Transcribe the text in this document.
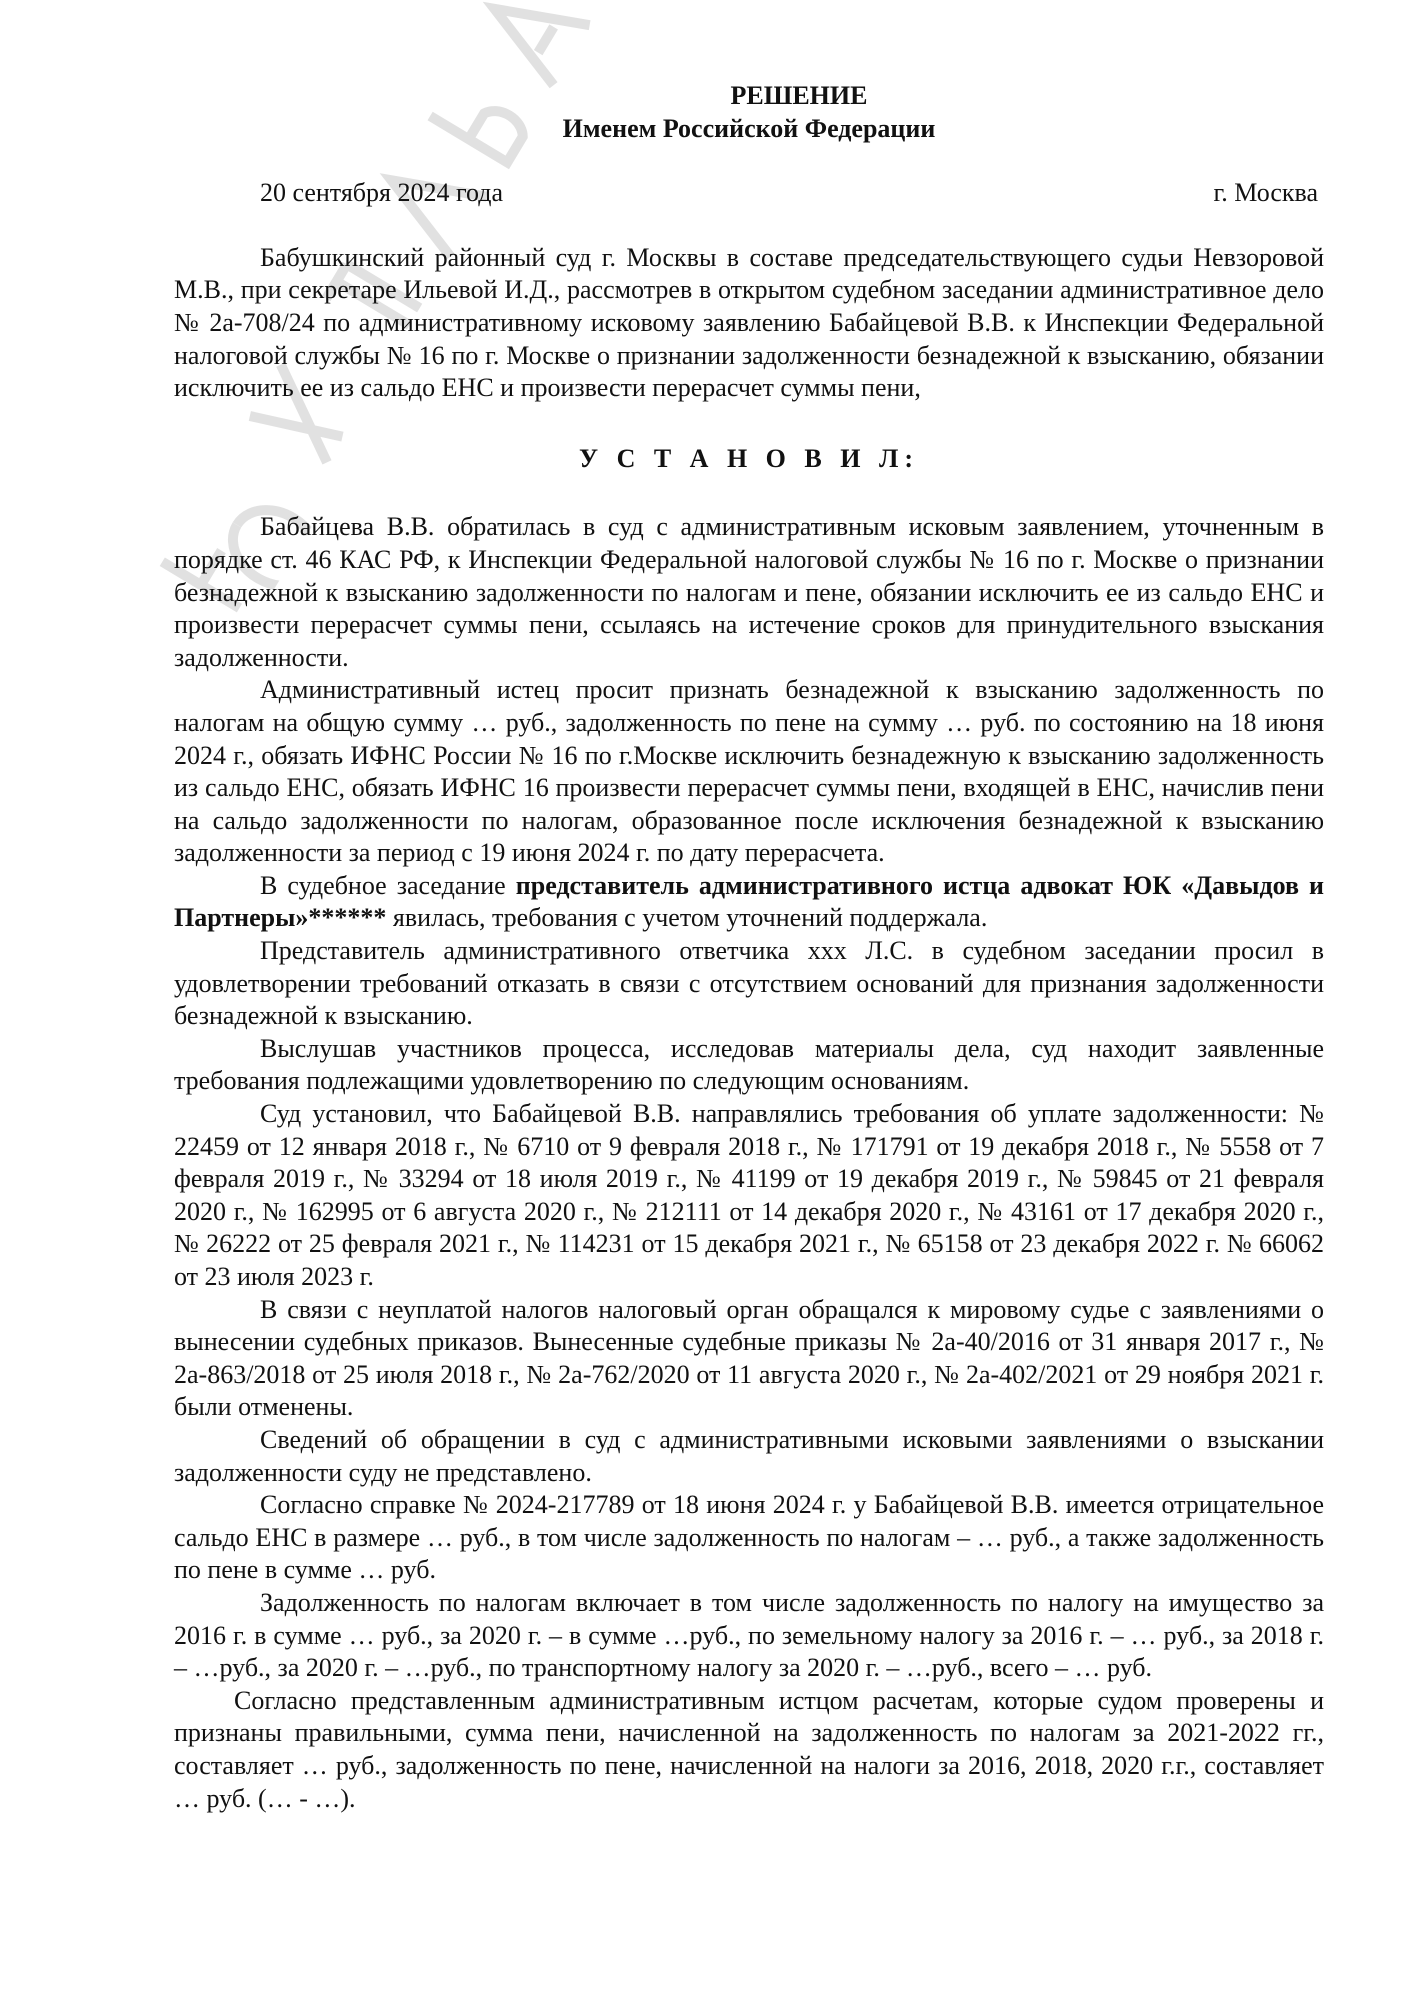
РЕШЕНИЕ
Именем Российской Федерации
20 сентября 2024 года	г. Москва

Бабушкинский районный суд г. Москвы в составе председательствующего судьи Невзоровой М.В., при секретаре Ильевой И.Д., рассмотрев в открытом судебном заседании административное дело № 2а-708/24 по административному исковому заявлению Бабайцевой В.В. к Инспекции Федеральной налоговой службы № 16 по г. Москве о признании задолженности безнадежной к взысканию, обязании исключить ее из сальдо ЕНС и произвести перерасчет суммы пени,

У С Т А Н О В И Л:

Бабайцева В.В. обратилась в суд с административным исковым заявлением, уточненным в порядке ст. 46 КАС РФ, к Инспекции Федеральной налоговой службы № 16 по г. Москве о признании безнадежной к взысканию задолженности по налогам и пене, обязании исключить ее из сальдо ЕНС и произвести перерасчет суммы пени, ссылаясь на истечение сроков для принудительного взыскания задолженности.

Административный истец просит признать безнадежной к взысканию задолженность по налогам на общую сумму … руб., задолженность по пене на сумму … руб. по состоянию на 18 июня 2024 г., обязать ИФНС России № 16 по г.Москве исключить безнадежную к взысканию задолженность из сальдо ЕНС, обязать ИФНС 16 произвести перерасчет суммы пени, входящей в ЕНС, начислив пени на сальдо задолженности по налогам, образованное после исключения безнадежной к взысканию задолженности за период с 19 июня 2024 г. по дату перерасчета.

В судебное заседание представитель административного истца адвокат ЮК «Давыдов и Партнеры»****** явилась, требования с учетом уточнений поддержала.

Представитель административного ответчика ххх Л.С. в судебном заседании просил в удовлетворении требований отказать в связи с отсутствием оснований для признания задолженности безнадежной к взысканию.

Выслушав участников процесса, исследовав материалы дела, суд находит заявленные требования подлежащими удовлетворению по следующим основаниям.

Суд установил, что Бабайцевой В.В. направлялись требования об уплате задолженности: № 22459 от 12 января 2018 г., № 6710 от 9 февраля 2018 г., № 171791 от 19 декабря 2018 г., № 5558 от 7 февраля 2019 г., № 33294 от 18 июля 2019 г., № 41199 от 19 декабря 2019 г., № 59845 от 21 февраля 2020 г., № 162995 от 6 августа 2020 г., № 212111 от 14 декабря 2020 г., № 43161 от 17 декабря 2020 г., № 26222 от 25 февраля 2021 г., № 114231 от 15 декабря 2021 г., № 65158 от 23 декабря 2022 г. № 66062 от 23 июля 2023 г.

В связи с неуплатой налогов налоговый орган обращался к мировому судье с заявлениями о вынесении судебных приказов. Вынесенные судебные приказы № 2а-40/2016 от 31 января 2017 г., № 2а-863/2018 от 25 июля 2018 г., № 2а-762/2020 от 11 августа 2020 г., № 2а-402/2021 от 29 ноября 2021 г. были отменены.

Сведений об обращении в суд с административными исковыми заявлениями о взыскании задолженности суду не представлено.

Согласно справке № 2024-217789 от 18 июня 2024 г. у Бабайцевой В.В. имеется отрицательное сальдо ЕНС в размере … руб., в том числе задолженность по налогам – … руб., а также задолженность по пене в сумме … руб.

Задолженность по налогам включает в том числе задолженность по налогу на имущество за 2016 г. в сумме … руб., за 2020 г. – в сумме …руб., по земельному налогу за 2016 г. – … руб., за 2018 г. – …руб., за 2020 г. – …руб., по транспортному налогу за 2020 г. – …руб., всего – … руб.

Согласно представленным административным истцом расчетам, которые судом проверены и признаны правильными, сумма пени, начисленной на задолженность по налогам за 2021-2022 гг., составляет … руб., задолженность по пене, начисленной на налоги за 2016, 2018, 2020 г.г., составляет … руб. (… - …).
